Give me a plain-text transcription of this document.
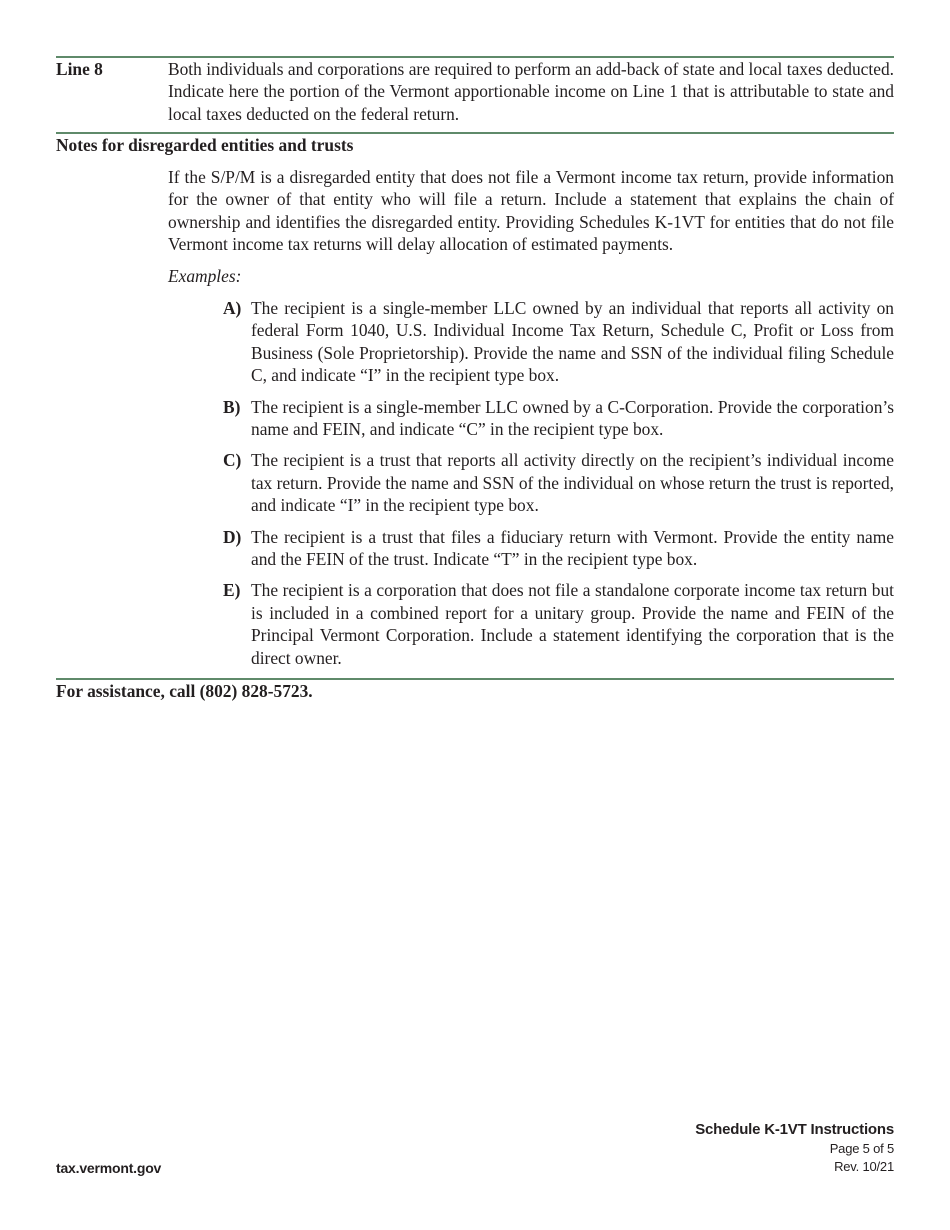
Line 8	Both individuals and corporations are required to perform an add-back of state and local taxes deducted. Indicate here the portion of the Vermont apportionable income on Line 1 that is attributable to state and local taxes deducted on the federal return.
Notes for disregarded entities and trusts

If the S/P/M is a disregarded entity that does not file a Vermont income tax return, provide information for the owner of that entity who will file a return. Include a statement that explains the chain of ownership and identifies the disregarded entity. Providing Schedules K-1VT for entities that do not file Vermont income tax returns will delay allocation of estimated payments.

Examples:
A) The recipient is a single-member LLC owned by an individual that reports all activity on federal Form 1040, U.S. Individual Income Tax Return, Schedule C, Profit or Loss from Business (Sole Proprietorship). Provide the name and SSN of the individual filing Schedule C, and indicate “I” in the recipient type box.
B) The recipient is a single-member LLC owned by a C-Corporation. Provide the corporation’s name and FEIN, and indicate “C” in the recipient type box.
C) The recipient is a trust that reports all activity directly on the recipient’s individual income tax return. Provide the name and SSN of the individual on whose return the trust is reported, and indicate “I” in the recipient type box.
D) The recipient is a trust that files a fiduciary return with Vermont. Provide the entity name and the FEIN of the trust. Indicate “T” in the recipient type box.
E) The recipient is a corporation that does not file a standalone corporate income tax return but is included in a combined report for a unitary group. Provide the name and FEIN of the Principal Vermont Corporation. Include a statement identifying the corporation that is the direct owner.
For assistance, call (802) 828-5723.
tax.vermont.gov
Schedule K-1VT Instructions
Page 5 of 5
Rev. 10/21
